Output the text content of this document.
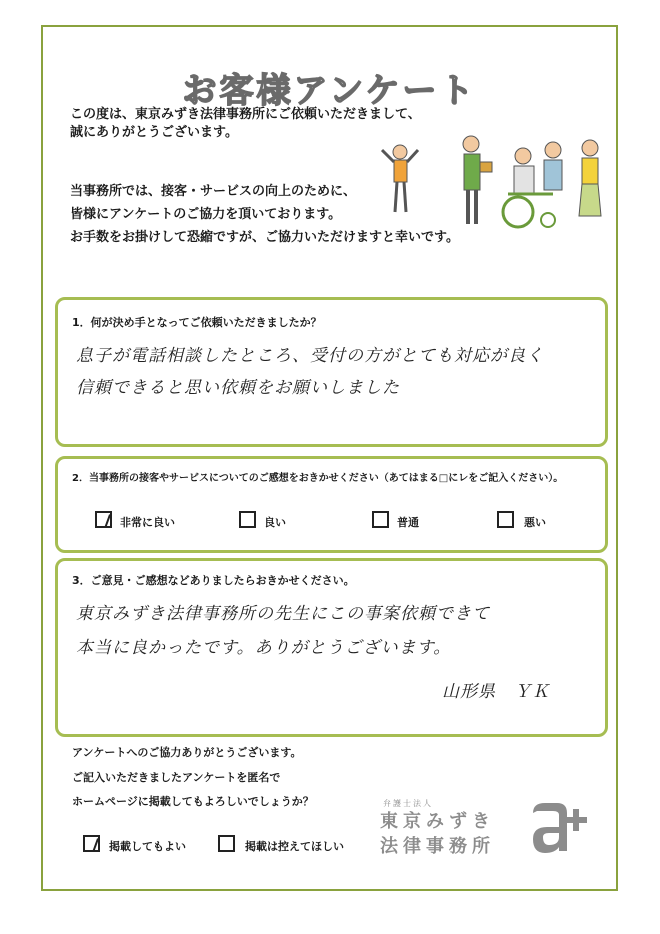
お客様アンケート
この度は、東京みずき法律事務所にご依頼いただきまして、
誠にありがとうございます。
当事務所では、接客・サービスの向上のために、
皆様にアンケートのご協力を頂いております。
お手数をお掛けして恐縮ですが、ご協力いただけますと幸いです。
1．何が決め手となってご依頼いただきましたか？
息子が電話相談したところ、受付の方がとても対応が良く
信頼できると思い依頼をお願いしました
2．当事務所の接客やサービスについてのご感想をおきかせください（あてはまる□にレをご記入ください）。
非常に良い	良い	普通	悪い
3．ご意見・ご感想などありましたらおきかせください。
東京みずき法律事務所の先生にこの事案依頼できて
本当に良かったです。ありがとうございます。
山形県　ＹＫ
アンケートへのご協力ありがとうございます。
ご記入いただきましたアンケートを匿名で
ホームページに掲載してもよろしいでしょうか？
掲載してもよい	掲載は控えてほしい
弁護士法人
東京みずき
法律事務所
